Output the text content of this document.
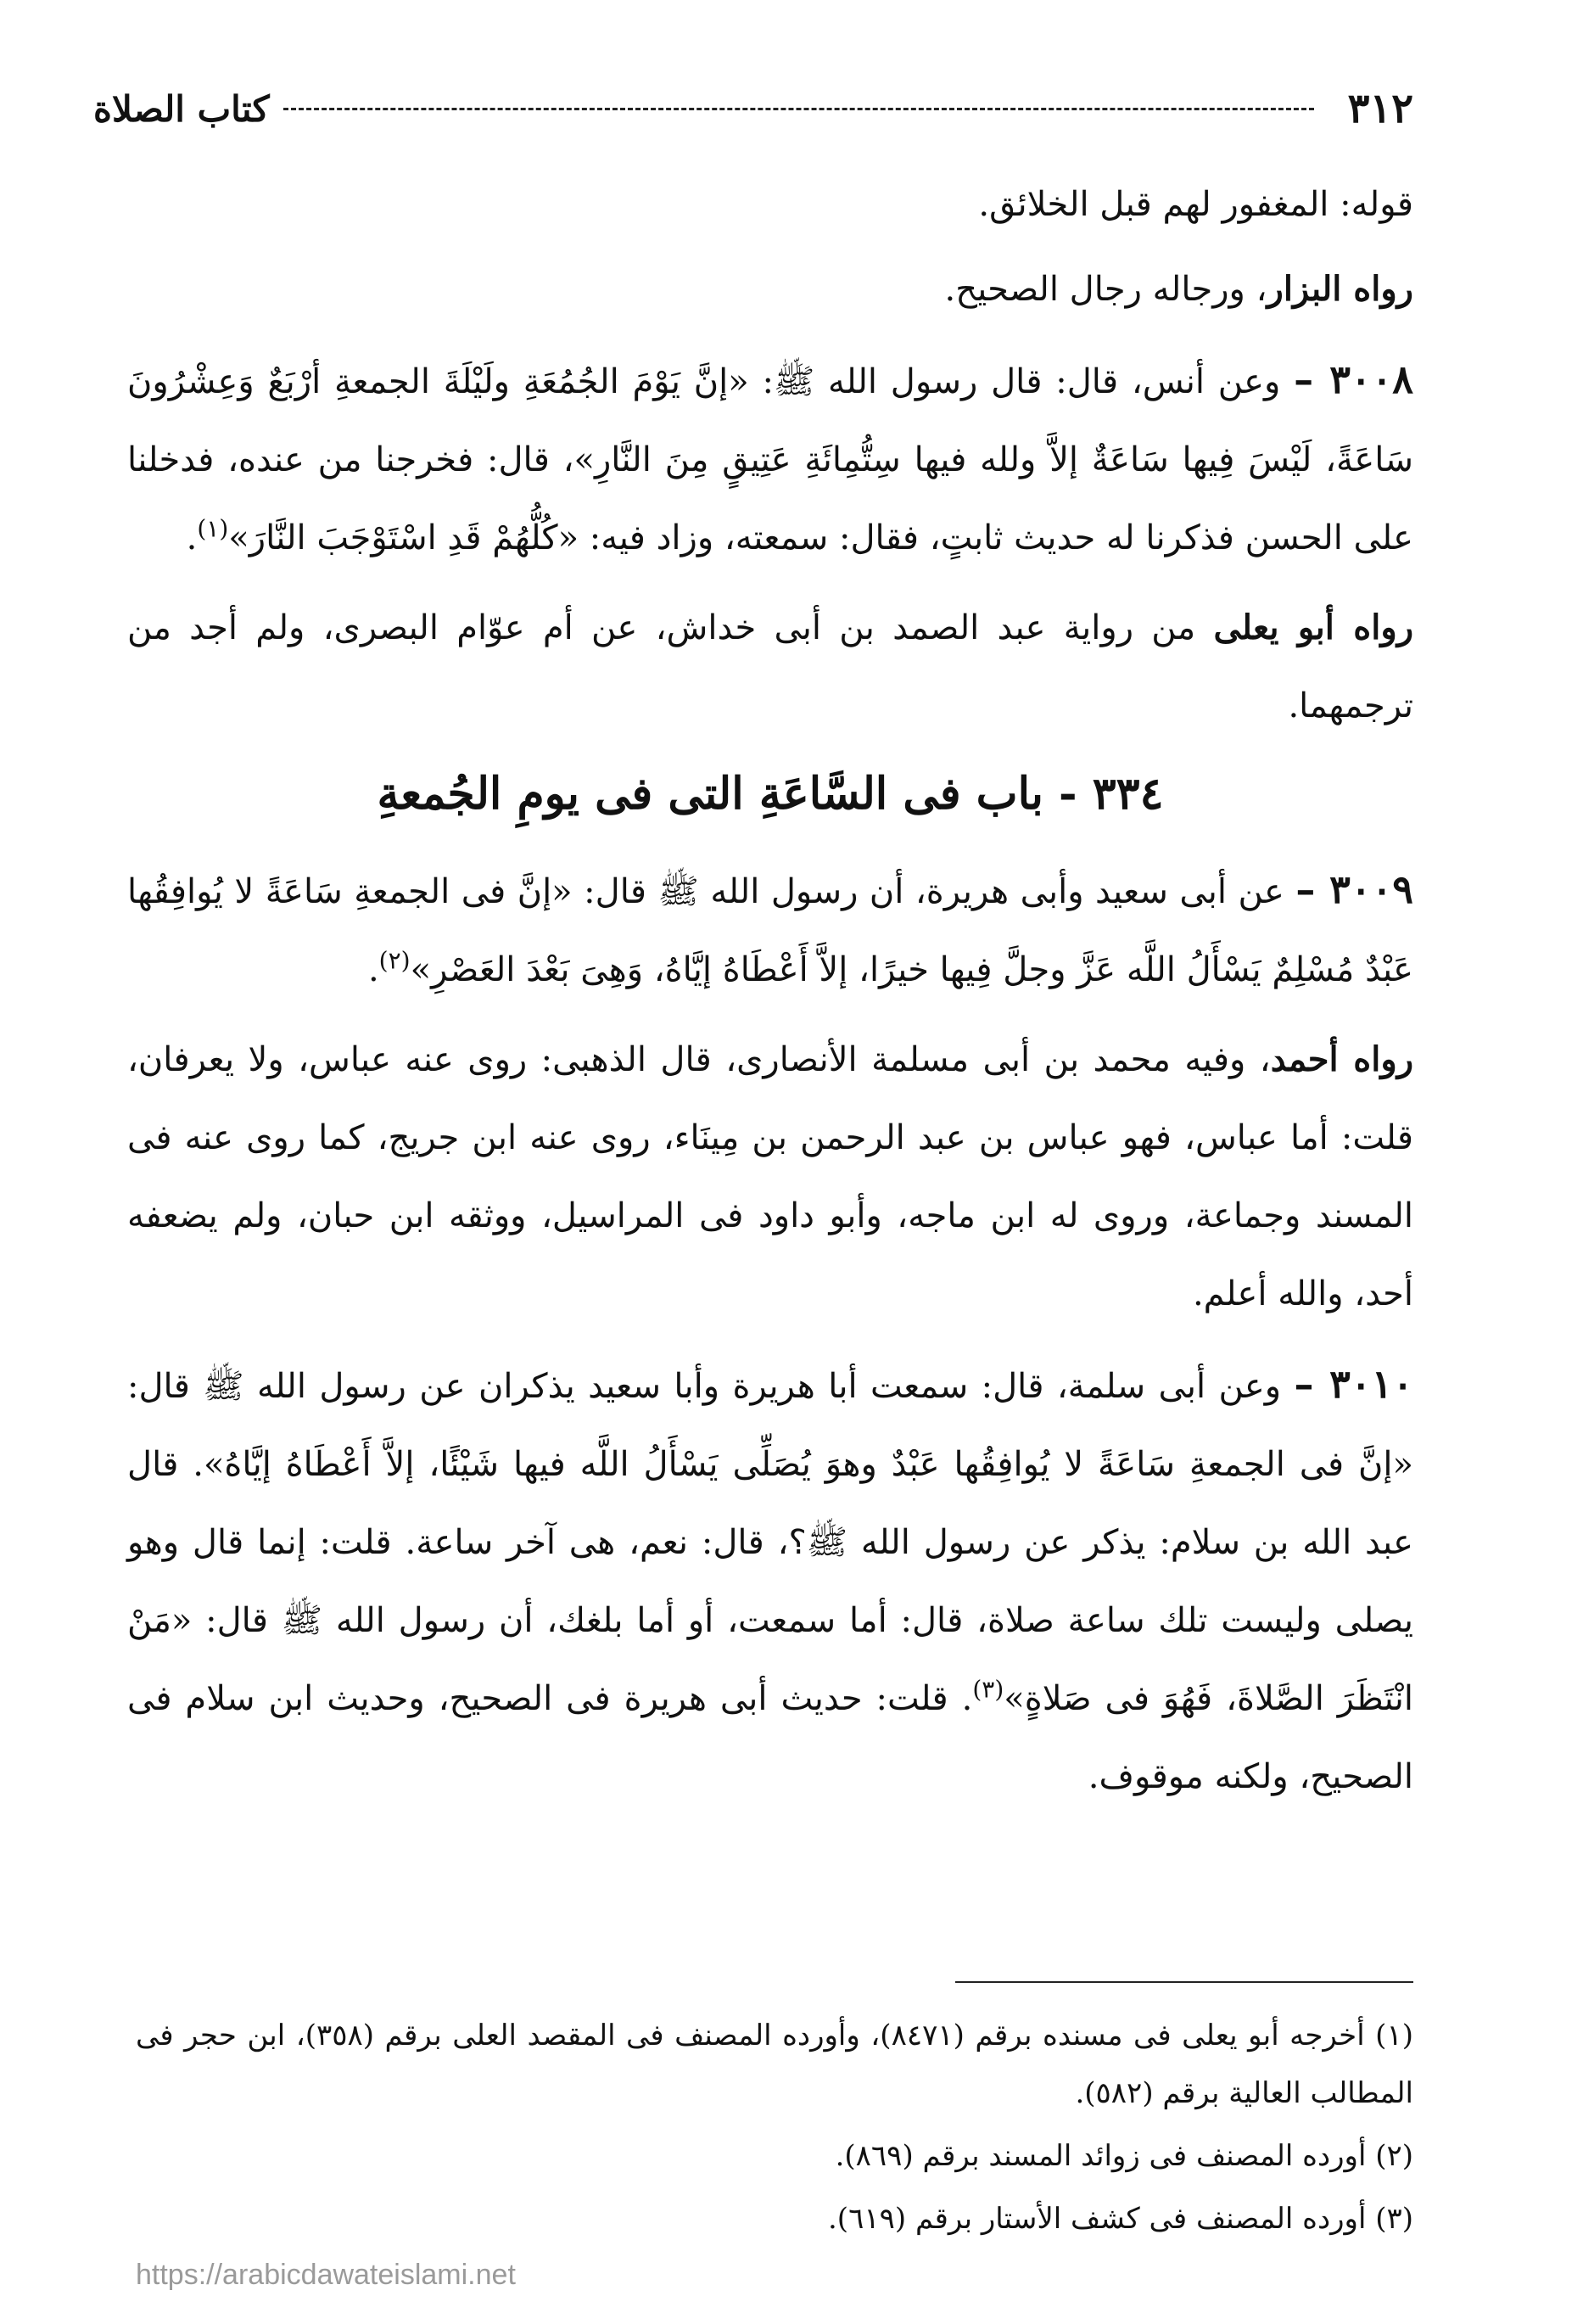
٣١٢
كتاب الصلاة

قوله: المغفور لهم قبل الخلائق.

رواه البزار، ورجاله رجال الصحيح.

٣٠٠٨ – وعن أنس، قال: قال رسول الله ﷺ: «إنَّ يَوْمَ الجُمُعَةِ ولَيْلَةَ الجمعةِ أرْبَعٌ وَعِشْرُونَ سَاعَةً، لَيْسَ فِيها سَاعَةٌ إلاَّ ولله فيها سِتُّمِائَةِ عَتِيقٍ مِنَ النَّارِ»، قال: فخرجنا من عنده، فدخلنا على الحسن فذكرنا له حديث ثابتٍ، فقال: سمعته، وزاد فيه: «كُلُّهُمْ قَدِ اسْتَوْجَبَ النَّارَ»$^{(١)}$.

رواه أبو يعلى من رواية عبد الصمد بن أبى خداش، عن أم عوّام البصرى، ولم أجد من ترجمهما.

٣٣٤ - باب فى السَّاعَةِ التى فى يومِ الجُمعةِ

٣٠٠٩ – عن أبى سعيد وأبى هريرة، أن رسول الله ﷺ قال: «إنَّ فى الجمعةِ سَاعَةً لا يُوافِقُها عَبْدٌ مُسْلِمٌ يَسْأَلُ اللَّه عَزَّ وجلَّ فِيها خيرًا، إلاَّ أَعْطَاهُ إيَّاهُ، وَهِىَ بَعْدَ العَصْرِ»$^{(٢)}$.

رواه أحمد، وفيه محمد بن أبى مسلمة الأنصارى، قال الذهبى: روى عنه عباس، ولا يعرفان، قلت: أما عباس، فهو عباس بن عبد الرحمن بن مِينَاء، روى عنه ابن جريج، كما روى عنه فى المسند وجماعة، وروى له ابن ماجه، وأبو داود فى المراسيل، ووثقه ابن حبان، ولم يضعفه أحد، والله أعلم.

٣٠١٠ – وعن أبى سلمة، قال: سمعت أبا هريرة وأبا سعيد يذكران عن رسول الله ﷺ قال: «إنَّ فى الجمعةِ سَاعَةً لا يُوافِقُها عَبْدٌ وهوَ يُصَلِّى يَسْأَلُ اللَّه فيها شَيْئًا، إلاَّ أَعْطَاهُ إيَّاهُ». قال عبد الله بن سلام: يذكر عن رسول الله ﷺ؟، قال: نعم، هى آخر ساعة. قلت: إنما قال وهو يصلى وليست تلك ساعة صلاة، قال: أما سمعت، أو أما بلغك، أن رسول الله ﷺ قال: «مَنْ انْتَظَرَ الصَّلاةَ، فَهُوَ فى صَلاةٍ»$^{(٣)}$. قلت: حديث أبى هريرة فى الصحيح، وحديث ابن سلام فى الصحيح، ولكنه موقوف.

(١) أخرجه أبو يعلى فى مسنده برقم (٨٤٧١)، وأورده المصنف فى المقصد العلى برقم (٣٥٨)، ابن حجر فى المطالب العالية برقم (٥٨٢).

(٢) أورده المصنف فى زوائد المسند برقم (٨٦٩).

(٣) أورده المصنف فى كشف الأستار برقم (٦١٩).

https://arabicdawateislami.net
